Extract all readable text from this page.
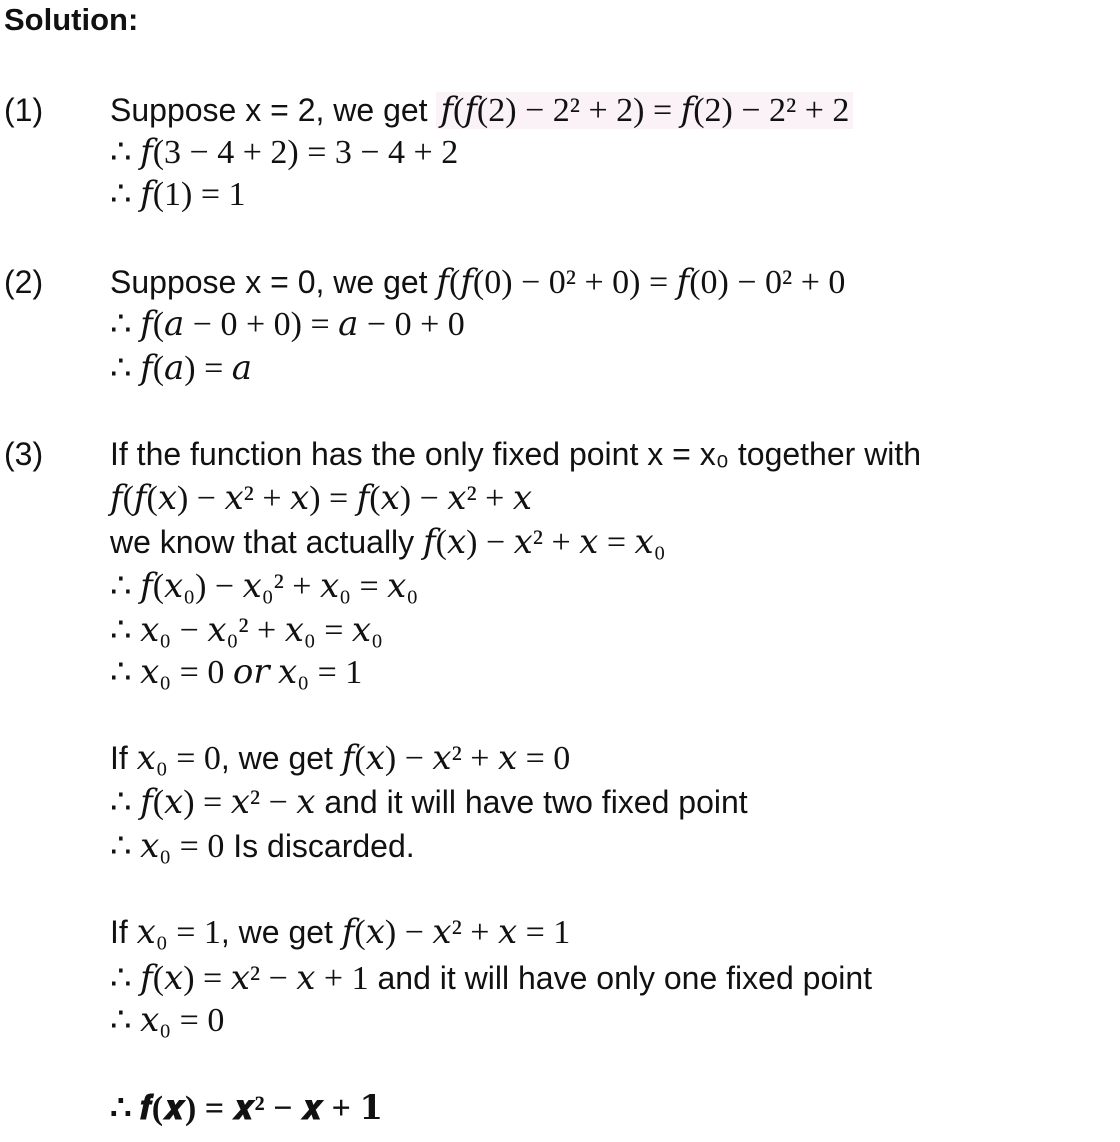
Solution:
(1) Suppose x = 2, we get 𝑓(𝑓(2) − 2² + 2) = 𝑓(2) − 2² + 2
∴ 𝑓(3 − 4 + 2) = 3 − 4 + 2
∴ 𝑓(1) = 1
(2) Suppose x = 0, we get 𝑓(𝑓(0) − 0² + 0) = 𝑓(0) − 0² + 0
∴ 𝑓(𝑎 − 0 + 0) = 𝑎 − 0 + 0
∴ 𝑓(𝑎) = 𝑎
(3) If the function has the only fixed point x = x₀ together with
𝑓(𝑓(𝑥) − 𝑥² + 𝑥) = 𝑓(𝑥) − 𝑥² + 𝑥
we know that actually 𝑓(𝑥) − 𝑥² + 𝑥 = 𝑥₀
∴ 𝑓(𝑥₀) − 𝑥₀² + 𝑥₀ = 𝑥₀
∴ 𝑥₀ − 𝑥₀² + 𝑥₀ = 𝑥₀
∴ 𝑥₀ = 0 𝑜𝑟 𝑥₀ = 1
If 𝑥₀ = 0, we get 𝑓(𝑥) − 𝑥² + 𝑥 = 0
∴ 𝑓(𝑥) = 𝑥² − 𝑥 and it will have two fixed point
∴ 𝑥₀ = 0 Is discarded.
If 𝑥₀ = 1, we get 𝑓(𝑥) − 𝑥² + 𝑥 = 1
∴ 𝑓(𝑥) = 𝑥² − 𝑥 + 1 and it will have only one fixed point
∴ 𝑥₀ = 0
∴ 𝒇(𝒙) = 𝒙² − 𝒙 + 𝟏
